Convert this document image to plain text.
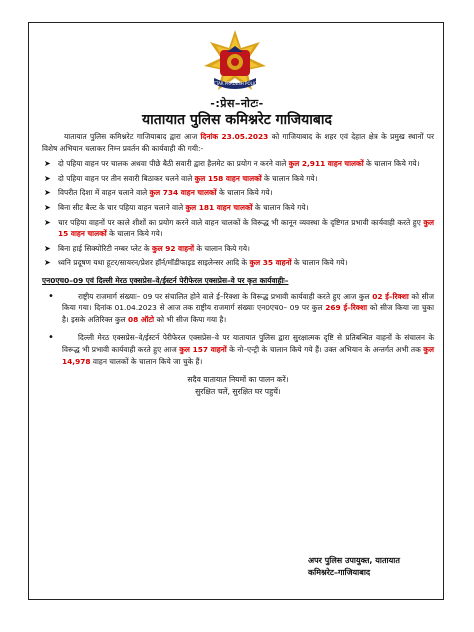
UTTAR PRADESH POLICE
-:प्रेस–नोटः-
यातायात पुलिस कमिश्नरेट गाजियाबाद

यातायात पुलिस कमिश्नरेट गाजियाबाद द्वारा आज दिनांक 23.05.2023 को गाजियाबाद के शहर एवं देहात क्षेत्र के प्रमुख स्थानों पर विशेष अभियान चलाकर निम्न प्रवर्तन की कार्यवाही की गयी:-

➤ दो पहिया वाहन पर चालक अथवा पीछे बैठी सवारी द्वारा हैलमेट का प्रयोग न करने वाले कुल 2,911 वाहन चालकों के चालान किये गये।
➤ दो पहिया वाहन पर तीन सवारी बिठाकर चलने वाले कुल 158 वाहन चालकों के चालान किये गये।
➤ विपरीत दिशा में वाहन चलाने वाले कुल 734 वाहन चालकों के चालान किये गये।
➤ बिना सीट बैल्ट के चार पहिया वाहन चलाने वाले कुल 181 वाहन चालकों के चालान किये गये।
➤ चार पहिया वाहनों पर काले शीशों का प्रयोग करने वाले वाहन चालकों के विरूद्ध भी कानून व्यवस्था के दृष्टिगत प्रभावी कार्यवाही करते हुए कुल 15 वाहन चालकों के चालान किये गये।
➤ बिना हाई सिक्योरिटी नम्बर प्लेट के कुल 92 वाहनों के चालान किये गये।
➤ ध्वनि प्रदूषण यथा हूटर/सायरन/प्रेशर हॉर्न/मॉडीफाइड साइलेन्सर आदि के कुल 35 वाहनों के चालान किये गये।
एन0एच0–09 एवं दिल्ली मेरठ एक्सप्रेस–वे/ईस्टर्न पेरीफेरल एक्सप्रेस–वे पर कृत कार्यवाहीः–
•	राष्ट्रीय राजमार्ग संख्याः– 09 पर संचालित होने वाले ई–रिक्शा के विरूद्ध प्रभावी कार्यवाही करते हुए आज कुल 02 ई–रिक्शा को सीज किया गया। दिनांक 01.04.2023 से आज तक राष्ट्रीय राजमार्ग संख्याः एन0एच0– 09 पर कुल 269 ई–रिक्शा को सीज किया जा चुका है। इसके अतिरिक्त कुल 08 ऑटो को भी सीज किया गया है।
•	दिल्ली मेरठ एक्सप्रेस–वे/ईस्टर्न पेरीफेरल एक्सप्रेस–वे पर यातायात पुलिस द्वारा सुरक्षात्मक दृष्टि से प्रतिबन्धित वाहनों के संचालन के विरूद्ध भी प्रभावी कार्यवाही करते हुए आज कुल 157 वाहनों के नो–एन्ट्री के चालान किये गये हैं। उक्त अभियान के अन्तर्गत अभी तक कुल 14,978 वाहन चालकों के चालान किये जा चुके हैं।
सदैव यातायात नियमों का पालन करें।
सुरक्षित चलें, सुरक्षित घर पहुचें।
अपर पुलिस उपायुक्त, यातायात
कमिश्नरेट–गाजियाबाद
